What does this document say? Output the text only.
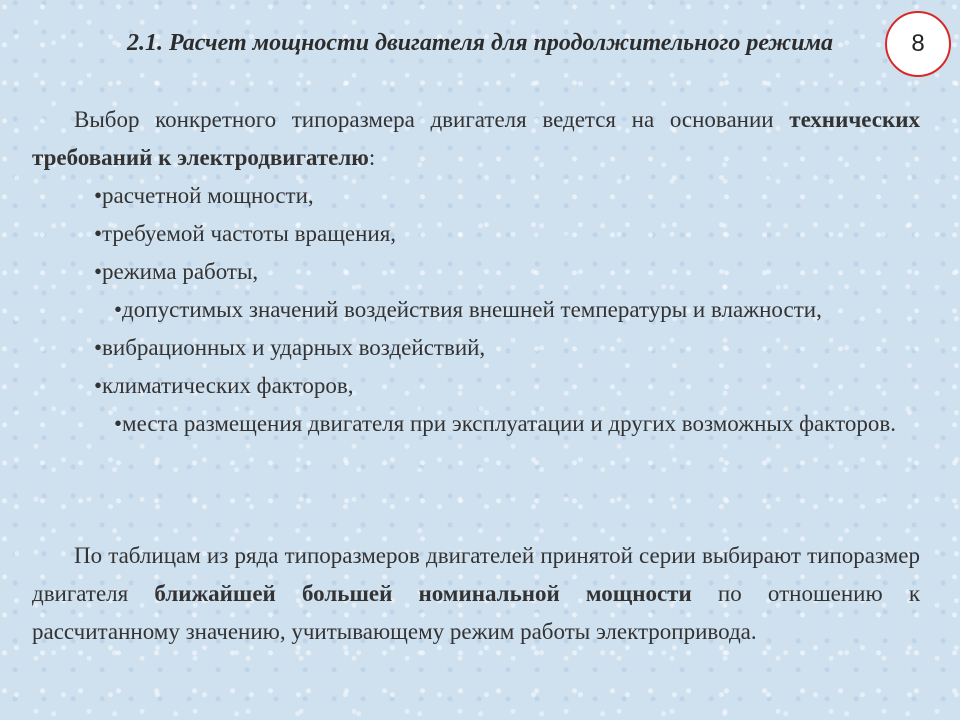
2.1. Расчет мощности двигателя для продолжительного режима	8
Выбор конкретного типоразмера двигателя ведется на основании технических требований к электродвигателю:
•расчетной мощности,
•требуемой частоты вращения,
•режима работы,
•допустимых значений воздействия внешней температуры и влажности,
•вибрационных и ударных воздействий,
•климатических факторов,
•места размещения двигателя при эксплуатации и других возможных факторов.
По таблицам из ряда типоразмеров двигателей принятой серии выбирают типоразмер двигателя ближайшей большей номинальной мощности по отношению к рассчитанному значению, учитывающему режим работы электропривода.
